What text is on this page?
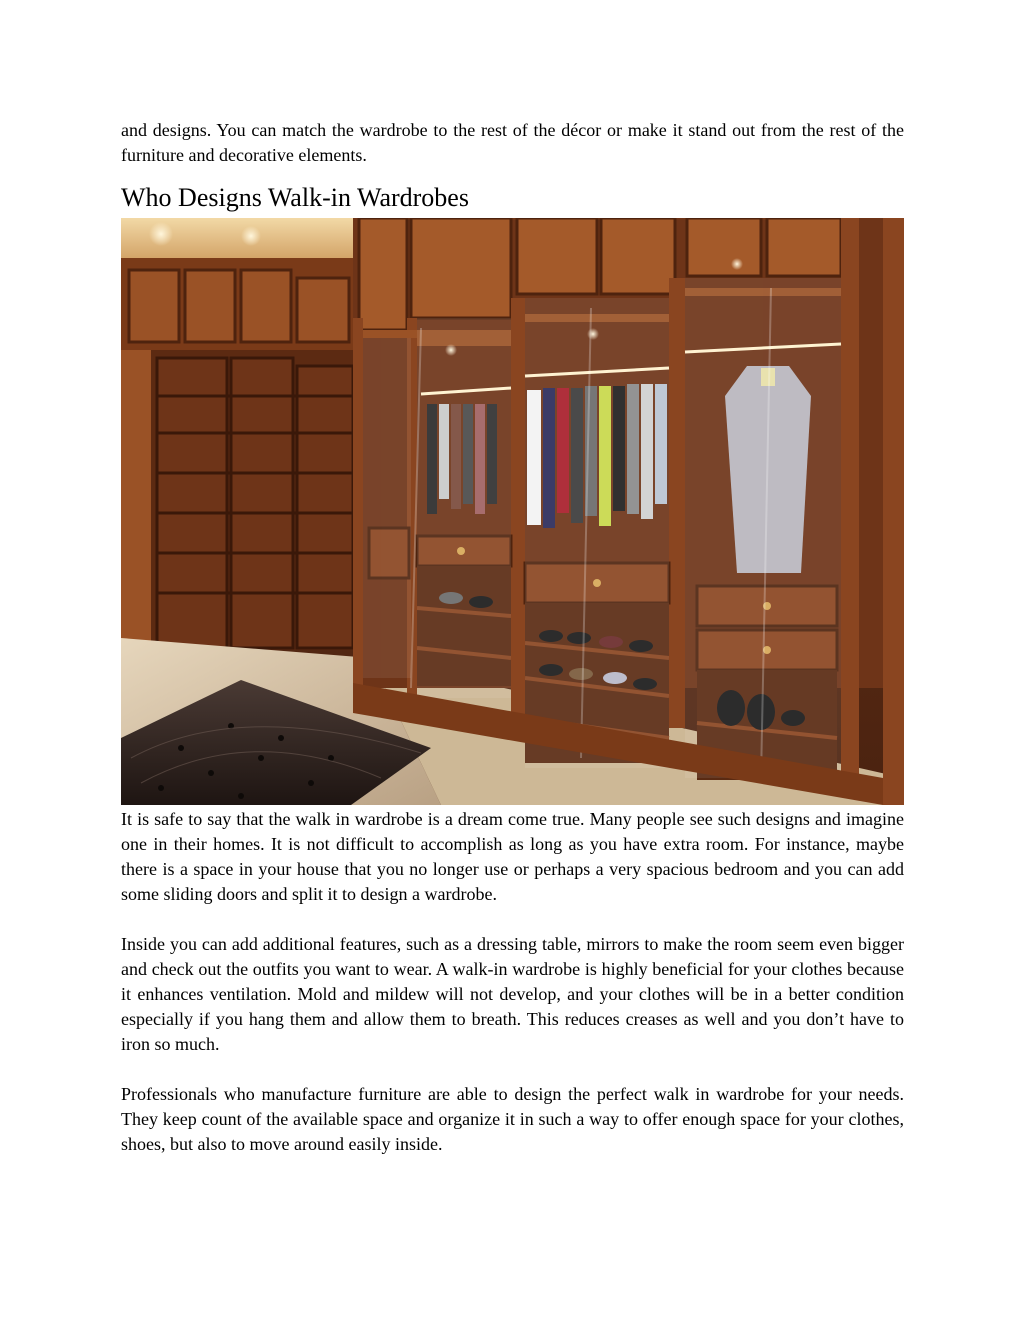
and designs. You can match the wardrobe to the rest of the décor or make it stand out from the rest of the furniture and decorative elements.

Who Designs Walk-in Wardrobes

It is safe to say that the walk in wardrobe is a dream come true. Many people see such designs and imagine one in their homes. It is not difficult to accomplish as long as you have extra room. For instance, maybe there is a space in your house that you no longer use or perhaps a very spacious bedroom and you can add some sliding doors and split it to design a wardrobe.

Inside you can add additional features, such as a dressing table, mirrors to make the room seem even bigger and check out the outfits you want to wear. A walk-in wardrobe is highly beneficial for your clothes because it enhances ventilation. Mold and mildew will not develop, and your clothes will be in a better condition especially if you hang them and allow them to breath. This reduces creases as well and you don’t have to iron so much.

Professionals who manufacture furniture are able to design the perfect walk in wardrobe for your needs. They keep count of the available space and organize it in such a way to offer enough space for your clothes, shoes, but also to move around easily inside.
